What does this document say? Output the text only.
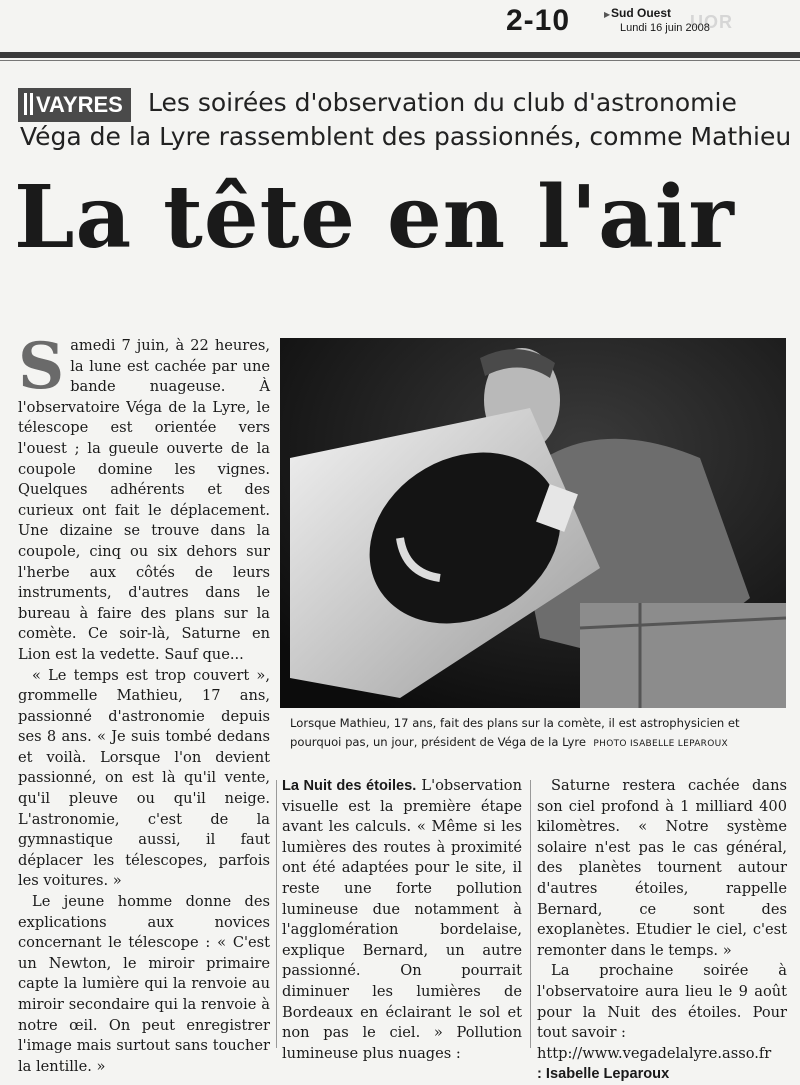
UOR
2-10	▶ Sud Ouest
Lundi 16 juin 2008
VAYRES	Les soirées d'observation du club d'astronomie
Véga de la Lyre rassemblent des passionnés, comme Mathieu
La tête en l'air

Samedi 7 juin, à 22 heures, la lune est cachée par une bande nuageuse. À l'observatoire Véga de la Lyre, le télescope est orientée vers l'ouest ; la gueule ouverte de la coupole domine les vignes. Quelques adhérents et des curieux ont fait le déplacement. Une dizaine se trouve dans la coupole, cinq ou six dehors sur l'herbe aux côtés de leurs instruments, d'autres dans le bureau à faire des plans sur la comète. Ce soir-là, Saturne en Lion est la vedette. Sauf que...

« Le temps est trop couvert », grommelle Mathieu, 17 ans, passionné d'astronomie depuis ses 8 ans. « Je suis tombé dedans et voilà. Lorsque l'on devient passionné, on est là qu'il vente, qu'il pleuve ou qu'il neige. L'astronomie, c'est de la gymnastique aussi, il faut déplacer les télescopes, parfois les voitures. »

Le jeune homme donne des explications aux novices concernant le télescope : « C'est un Newton, le miroir primaire capte la lumière qui la renvoie au miroir secondaire qui la renvoie à notre œil. On peut enregistrer l'image mais surtout sans toucher la lentille. »

Lorsque Mathieu, 17 ans, fait des plans sur la comète, il est astrophysicien et pourquoi pas, un jour, président de Véga de la Lyre PHOTO ISABELLE LEPAROUX

La Nuit des étoiles. L'observation visuelle est la première étape avant les calculs. « Même si les lumières des routes à proximité ont été adaptées pour le site, il reste une forte pollution lumineuse due notamment à l'agglomération bordelaise, explique Bernard, un autre passionné. On pourrait diminuer les lumières de Bordeaux en éclairant le sol et non pas le ciel. » Pollution lumineuse plus nuages :

Saturne restera cachée dans son ciel profond à 1 milliard 400 kilomètres. « Notre système solaire n'est pas le cas général, des planètes tournent autour d'autres étoiles, rappelle Bernard, ce sont des exoplanètes. Etudier le ciel, c'est remonter dans le temps. »

La prochaine soirée à l'observatoire aura lieu le 9 août pour la Nuit des étoiles. Pour tout savoir :

http://www.vegadelalyre.asso.fr

: Isabelle Leparoux
